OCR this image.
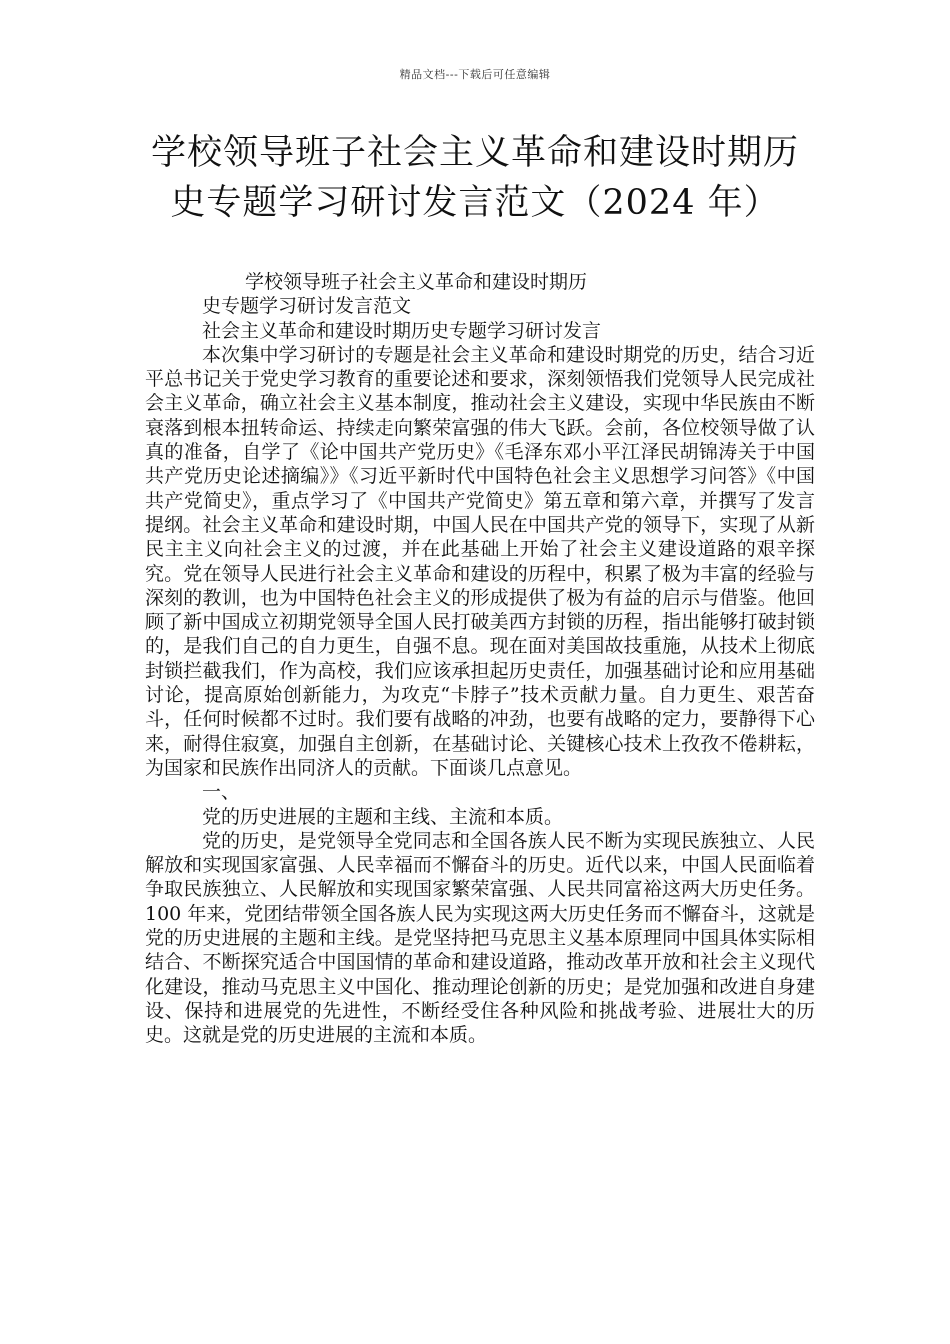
精品文档---下载后可任意编辑
学校领导班子社会主义革命和建设时期历
史专题学习研讨发言范文（2024 年）
学校领导班子社会主义革命和建设时期历
史专题学习研讨发言范文
社会主义革命和建设时期历史专题学习研讨发言

本次集中学习研讨的专题是社会主义革命和建设时期党的历史，结合习近平总书记关于党史学习教育的重要论述和要求，深刻领悟我们党领导人民完成社会主义革命，确立社会主义基本制度，推动社会主义建设，实现中华民族由不断衰落到根本扭转命运、持续走向繁荣富强的伟大飞跃。会前，各位校领导做了认真的准备，自学了《论中国共产党历史》《毛泽东邓小平江泽民胡锦涛关于中国共产党历史论述摘编》》《习近平新时代中国特色社会主义思想学习问答》《中国共产党简史》，重点学习了《中国共产党简史》第五章和第六章，并撰写了发言提纲。社会主义革命和建设时期，中国人民在中国共产党的领导下，实现了从新民主主义向社会主义的过渡，并在此基础上开始了社会主义建设道路的艰辛探究。党在领导人民进行社会主义革命和建设的历程中，积累了极为丰富的经验与深刻的教训，也为中国特色社会主义的形成提供了极为有益的启示与借鉴。他回顾了新中国成立初期党领导全国人民打破美西方封锁的历程，指出能够打破封锁的，是我们自己的自力更生，自强不息。现在面对美国故技重施，从技术上彻底封锁拦截我们，作为高校，我们应该承担起历史责任，加强基础讨论和应用基础讨论，提高原始创新能力，为攻克“卡脖子”技术贡献力量。自力更生、艰苦奋斗，任何时候都不过时。我们要有战略的冲劲，也要有战略的定力，要静得下心来，耐得住寂寞，加强自主创新，在基础讨论、关键核心技术上孜孜不倦耕耘，为国家和民族作出同济人的贡献。下面谈几点意见。

一、
党的历史进展的主题和主线、主流和本质。

党的历史，是党领导全党同志和全国各族人民不断为实现民族独立、人民解放和实现国家富强、人民幸福而不懈奋斗的历史。近代以来，中国人民面临着争取民族独立、人民解放和实现国家繁荣富强、人民共同富裕这两大历史任务。100 年来，党团结带领全国各族人民为实现这两大历史任务而不懈奋斗，这就是党的历史进展的主题和主线。是党坚持把马克思主义基本原理同中国具体实际相结合、不断探究适合中国国情的革命和建设道路，推动改革开放和社会主义现代化建设，推动马克思主义中国化、推动理论创新的历史；是党加强和改进自身建设、保持和进展党的先进性，不断经受住各种风险和挑战考验、进展壮大的历史。这就是党的历史进展的主流和本质。
